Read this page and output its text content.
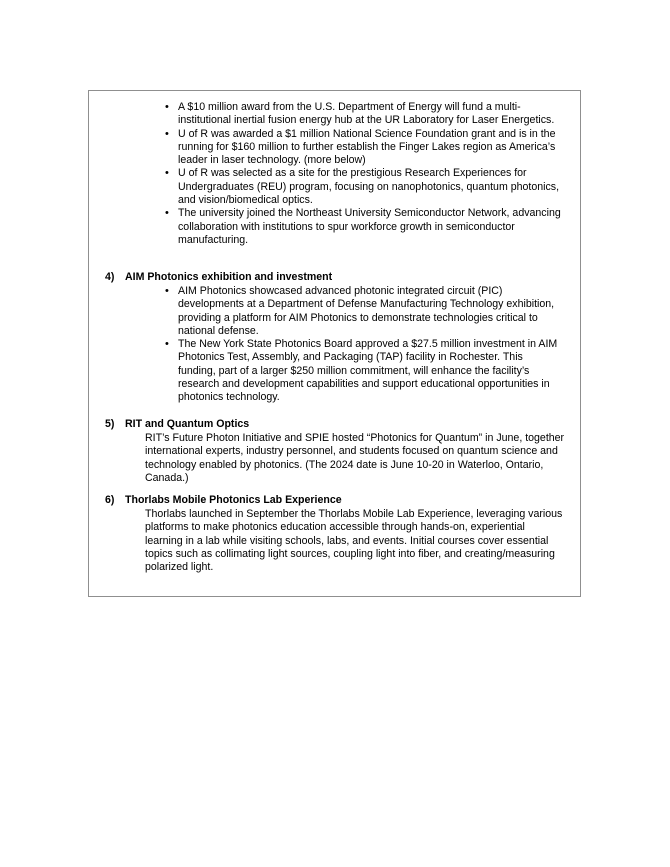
• A $10 million award from the U.S. Department of Energy will fund a multi-institutional inertial fusion energy hub at the UR Laboratory for Laser Energetics.
• U of R was awarded a $1 million National Science Foundation grant and is in the running for $160 million to further establish the Finger Lakes region as America’s leader in laser technology. (more below)
• U of R was selected as a site for the prestigious Research Experiences for Undergraduates (REU) program, focusing on nanophotonics, quantum photonics, and vision/biomedical optics.
• The university joined the Northeast University Semiconductor Network, advancing collaboration with institutions to spur workforce growth in semiconductor manufacturing.
4) AIM Photonics exhibition and investment
• AIM Photonics showcased advanced photonic integrated circuit (PIC) developments at a Department of Defense Manufacturing Technology exhibition, providing a platform for AIM Photonics to demonstrate technologies critical to national defense.
• The New York State Photonics Board approved a $27.5 million investment in AIM Photonics Test, Assembly, and Packaging (TAP) facility in Rochester. This funding, part of a larger $250 million commitment, will enhance the facility’s research and development capabilities and support educational opportunities in photonics technology.
5) RIT and Quantum Optics
RIT’s Future Photon Initiative and SPIE hosted “Photonics for Quantum” in June, together international experts, industry personnel, and students focused on quantum science and technology enabled by photonics. (The 2024 date is June 10-20 in Waterloo, Ontario, Canada.)
6) Thorlabs Mobile Photonics Lab Experience
Thorlabs launched in September the Thorlabs Mobile Lab Experience, leveraging various platforms to make photonics education accessible through hands-on, experiential learning in a lab while visiting schools, labs, and events. Initial courses cover essential topics such as collimating light sources, coupling light into fiber, and creating/measuring polarized light.
